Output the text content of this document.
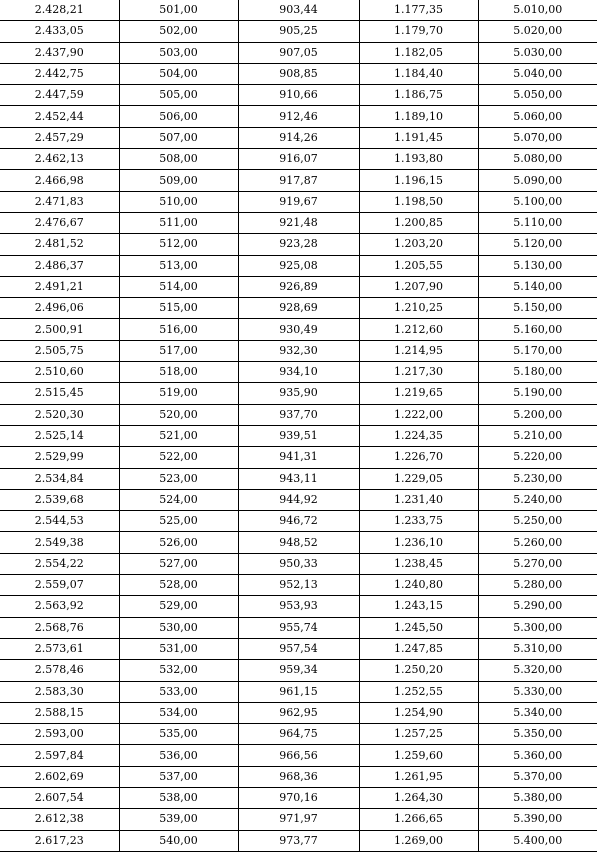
2.428,21	501,00	903,44	1.177,35	5.010,00
2.433,05	502,00	905,25	1.179,70	5.020,00
2.437,90	503,00	907,05	1.182,05	5.030,00
2.442,75	504,00	908,85	1.184,40	5.040,00
2.447,59	505,00	910,66	1.186,75	5.050,00
2.452,44	506,00	912,46	1.189,10	5.060,00
2.457,29	507,00	914,26	1.191,45	5.070,00
2.462,13	508,00	916,07	1.193,80	5.080,00
2.466,98	509,00	917,87	1.196,15	5.090,00
2.471,83	510,00	919,67	1.198,50	5.100,00
2.476,67	511,00	921,48	1.200,85	5.110,00
2.481,52	512,00	923,28	1.203,20	5.120,00
2.486,37	513,00	925,08	1.205,55	5.130,00
2.491,21	514,00	926,89	1.207,90	5.140,00
2.496,06	515,00	928,69	1.210,25	5.150,00
2.500,91	516,00	930,49	1.212,60	5.160,00
2.505,75	517,00	932,30	1.214,95	5.170,00
2.510,60	518,00	934,10	1.217,30	5.180,00
2.515,45	519,00	935,90	1.219,65	5.190,00
2.520,30	520,00	937,70	1.222,00	5.200,00
2.525,14	521,00	939,51	1.224,35	5.210,00
2.529,99	522,00	941,31	1.226,70	5.220,00
2.534,84	523,00	943,11	1.229,05	5.230,00
2.539,68	524,00	944,92	1.231,40	5.240,00
2.544,53	525,00	946,72	1.233,75	5.250,00
2.549,38	526,00	948,52	1.236,10	5.260,00
2.554,22	527,00	950,33	1.238,45	5.270,00
2.559,07	528,00	952,13	1.240,80	5.280,00
2.563,92	529,00	953,93	1.243,15	5.290,00
2.568,76	530,00	955,74	1.245,50	5.300,00
2.573,61	531,00	957,54	1.247,85	5.310,00
2.578,46	532,00	959,34	1.250,20	5.320,00
2.583,30	533,00	961,15	1.252,55	5.330,00
2.588,15	534,00	962,95	1.254,90	5.340,00
2.593,00	535,00	964,75	1.257,25	5.350,00
2.597,84	536,00	966,56	1.259,60	5.360,00
2.602,69	537,00	968,36	1.261,95	5.370,00
2.607,54	538,00	970,16	1.264,30	5.380,00
2.612,38	539,00	971,97	1.266,65	5.390,00
2.617,23	540,00	973,77	1.269,00	5.400,00
